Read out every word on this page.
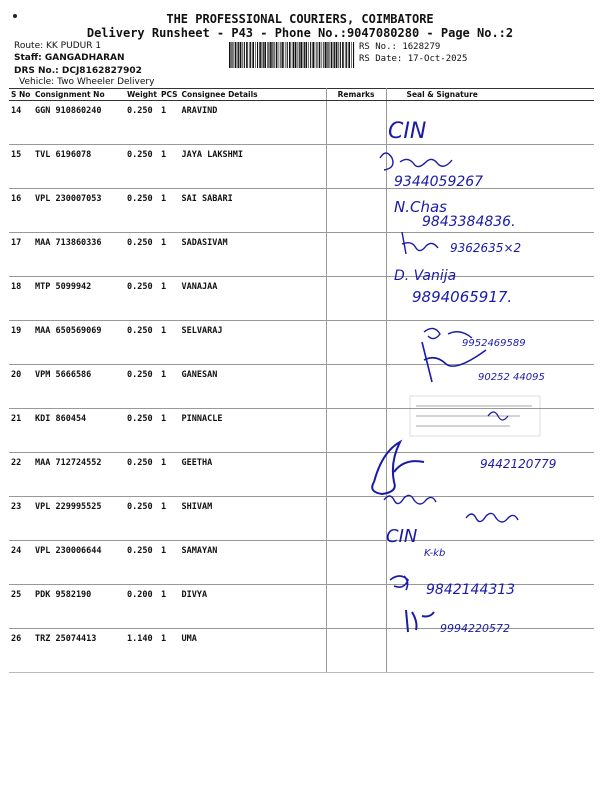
THE PROFESSIONAL COURIERS, COIMBATORE
Delivery Runsheet - P43 - Phone No.:9047080280 - Page No.:2
Route: KK PUDUR 1
Staff: GANGADHARAN
DRS No.: DCJ8162827902
Vehicle: Two Wheeler Delivery
RS No.: 1628279
RS Date: 17-Oct-2025
S No	Consignment No	Weight	PCS	Consignee Details	Remarks	Seal & Signature
14	GGN 910860240	0.250	1	ARAVIND		
15	TVL 6196078	0.250	1	JAYA LAKSHMI		
16	VPL 230007053	0.250	1	SAI SABARI		
17	MAA 713860336	0.250	1	SADASIVAM		
18	MTP 5099942	0.250	1	VANAJAA		
19	MAA 650569069	0.250	1	SELVARAJ		
20	VPM 5666586	0.250	1	GANESAN		
21	KDI 860454	0.250	1	PINNACLE		
22	MAA 712724552	0.250	1	GEETHA		
23	VPL 229995525	0.250	1	SHIVAM		
24	VPL 230006644	0.250	1	SAMAYAN		
25	PDK 9582190	0.200	1	DIVYA		
26	TRZ 25074413	1.140	1	UMA		
CIN
9344059267
N.Chas
9843384836.
9362635×2
D. Vanija
9894065917.
9952469589
90252 44095
9442120779
CIN
K-kb
9842144313
9994220572
